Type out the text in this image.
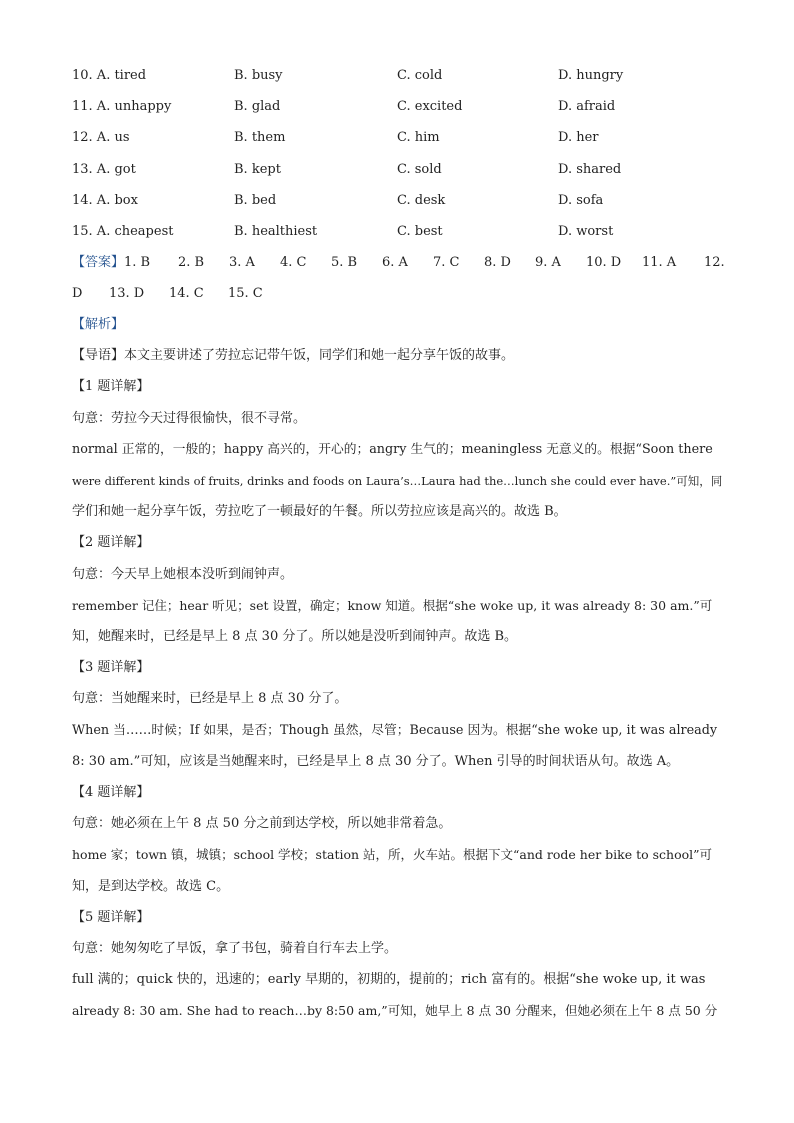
10. A. tired	B. busy	C. cold	D. hungry
11. A. unhappy	B. glad	C. excited	D. afraid
12. A. us	B. them	C. him	D. her
13. A. got	B. kept	C. sold	D. shared
14. A. box	B. bed	C. desk	D. sofa
15. A. cheapest	B. healthiest	C. best	D. worst
【答案】 1. B 2. B 3. A 4. C 5. B 6. A 7. C 8. D 9. A 10. D 11. A 12.
D 13. D 14. C 15. C
【解析】
【导语】本文主要讲述了劳拉忘记带午饭，同学们和她一起分享午饭的故事。
【1 题详解】
句意：劳拉今天过得很愉快，很不寻常。
normal 正常的，一般的；happy 高兴的，开心的；angry 生气的；meaningless 无意义的。根据“Soon there
were different kinds of fruits, drinks and foods on Laura’s…Laura had the…lunch she could ever have.”可知，同
学们和她一起分享午饭，劳拉吃了一顿最好的午餐。所以劳拉应该是高兴的。故选 B。
【2 题详解】
句意：今天早上她根本没听到闹钟声。
remember 记住；hear 听见；set 设置，确定；know 知道。根据“she woke up, it was already 8: 30 am.”可
知，她醒来时，已经是早上 8 点 30 分了。所以她是没听到闹钟声。故选 B。
【3 题详解】
句意：当她醒来时，已经是早上 8 点 30 分了。
When 当……时候；If 如果，是否；Though 虽然，尽管；Because 因为。根据“she woke up, it was already
8: 30 am.”可知，应该是当她醒来时，已经是早上 8 点 30 分了。When 引导的时间状语从句。故选 A。
【4 题详解】
句意：她必须在上午 8 点 50 分之前到达学校，所以她非常着急。
home 家；town 镇，城镇；school 学校；station 站，所，火车站。根据下文“and rode her bike to school”可
知，是到达学校。故选 C。
【5 题详解】
句意：她匆匆吃了早饭，拿了书包，骑着自行车去上学。
full 满的；quick 快的，迅速的；early 早期的，初期的，提前的；rich 富有的。根据“she woke up, it was
already 8: 30 am. She had to reach…by 8:50 am,”可知，她早上 8 点 30 分醒来，但她必须在上午 8 点 50 分
